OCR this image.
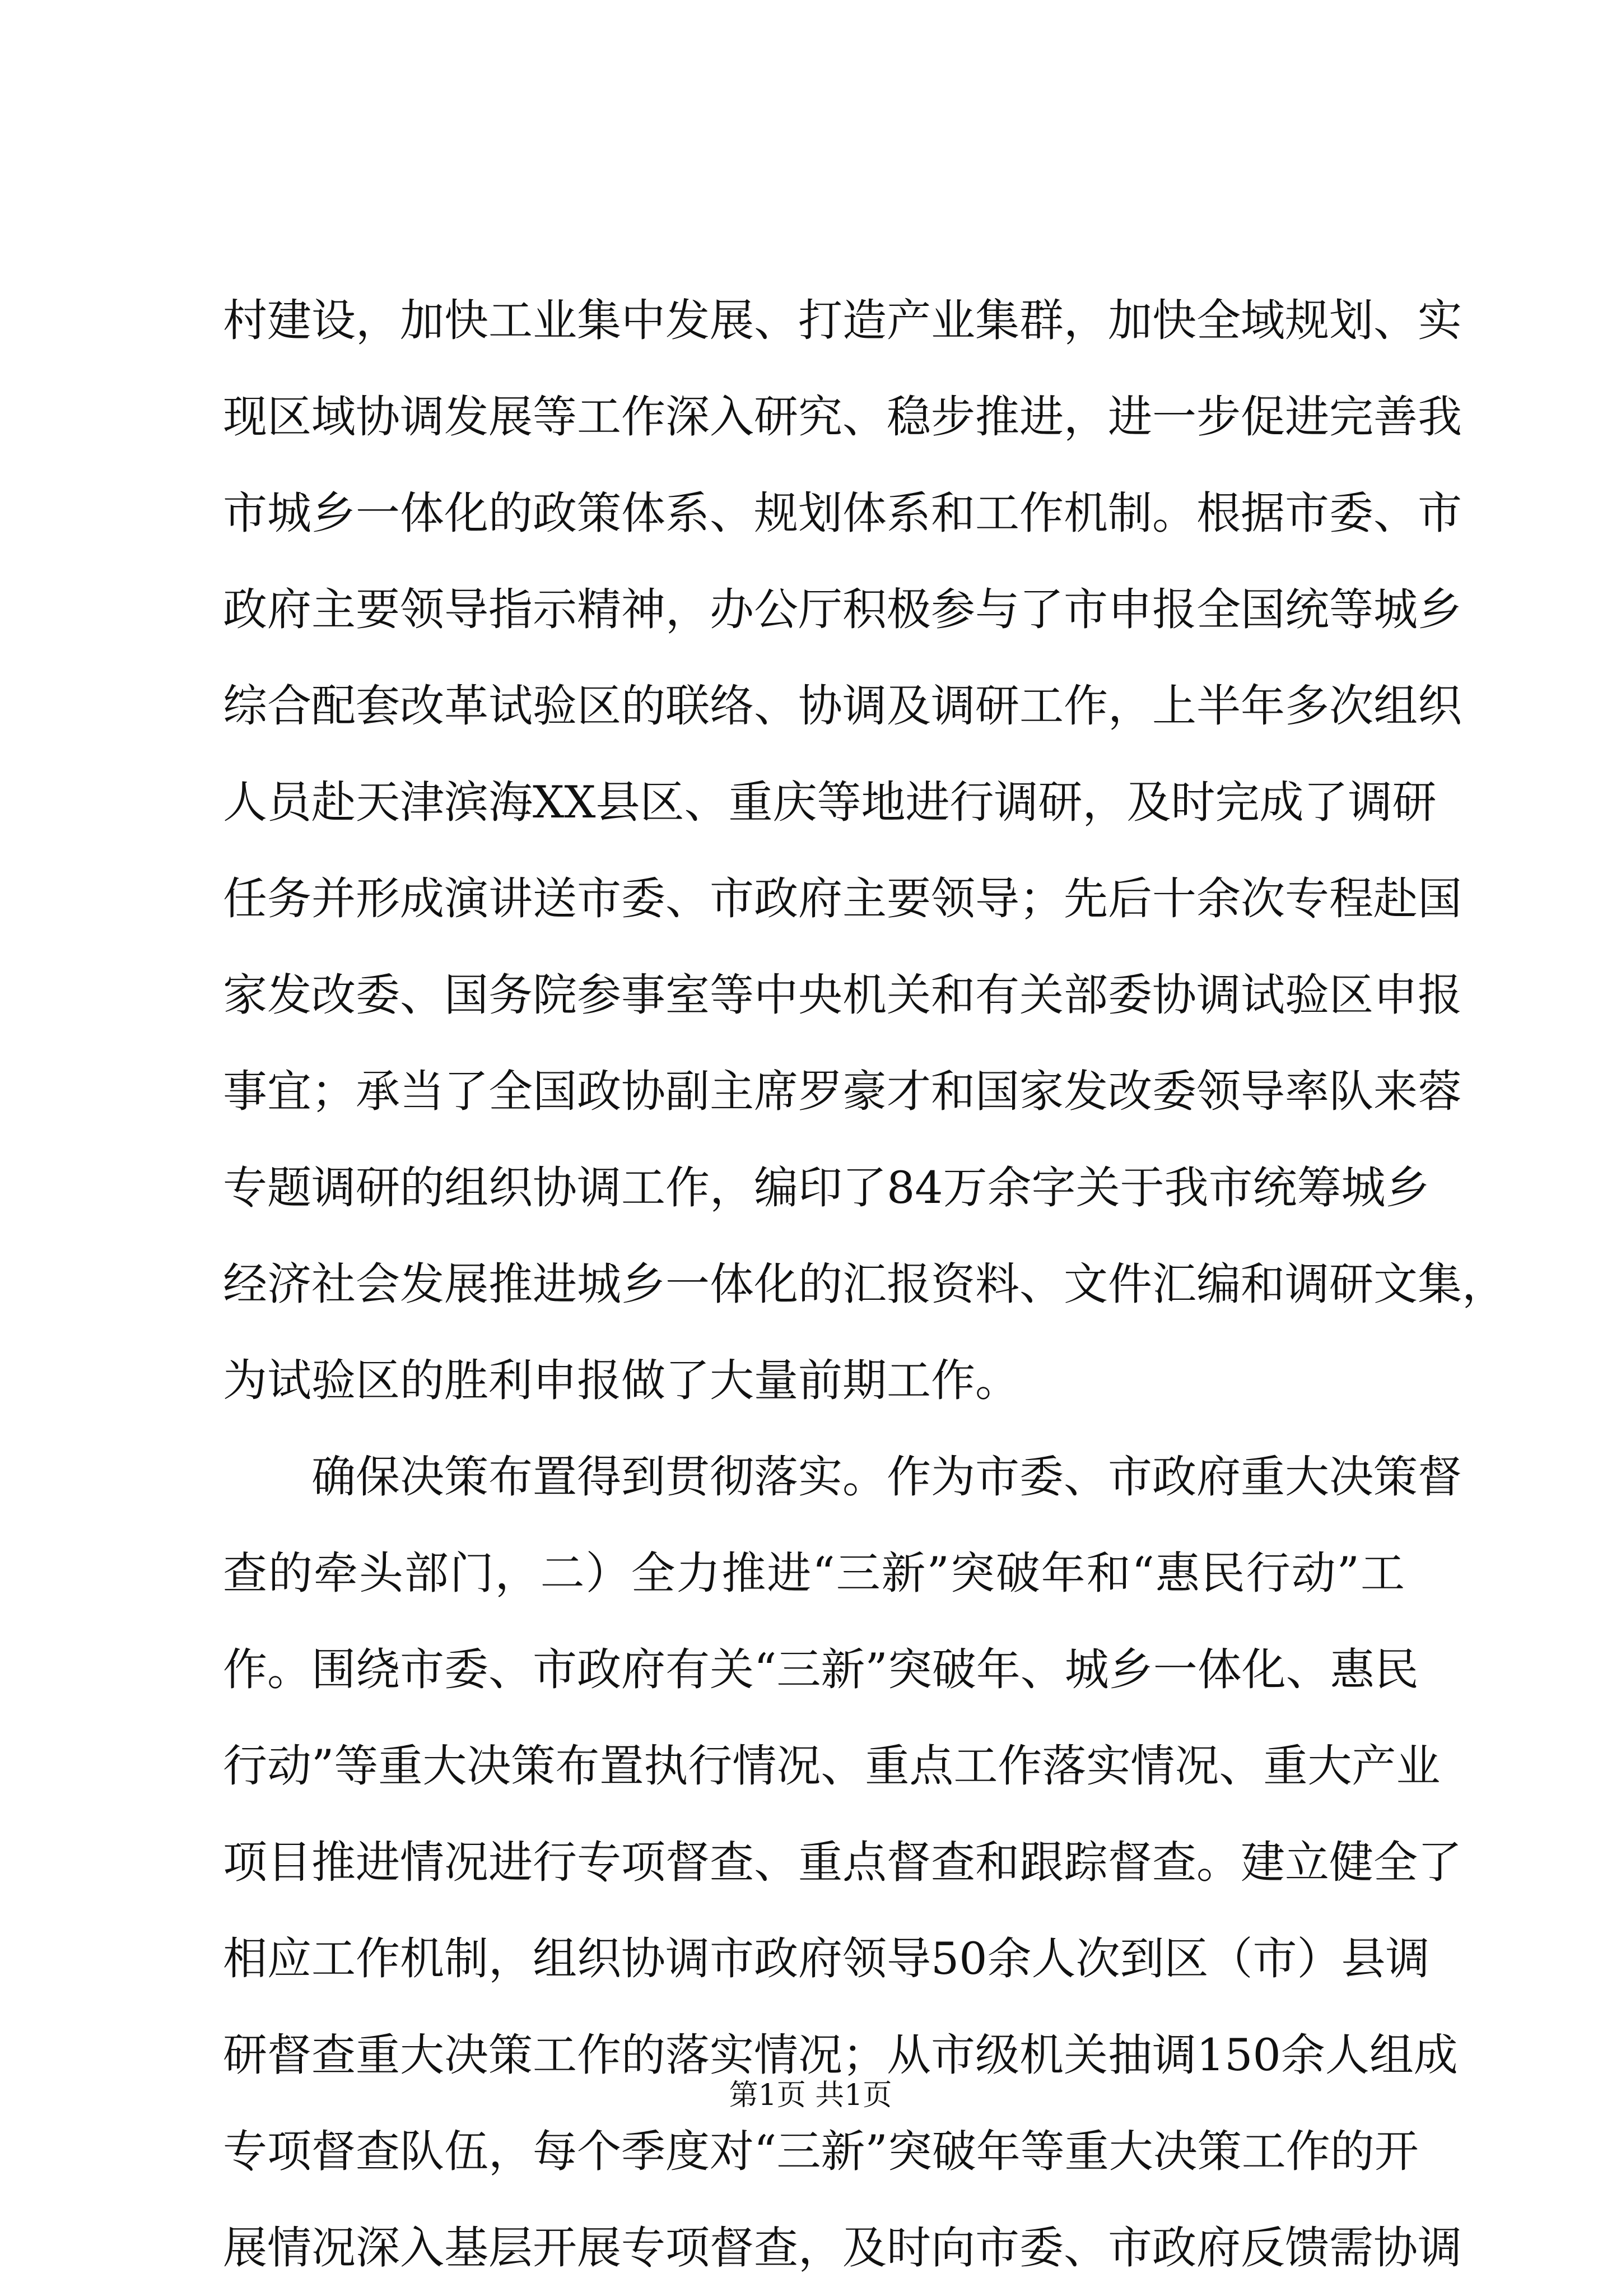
村建设，加快工业集中发展、打造产业集群，加快全域规划、实
现区域协调发展等工作深入研究、稳步推进，进一步促进完善我
市城乡一体化的政策体系、规划体系和工作机制。根据市委、市
政府主要领导指示精神，办公厅积极参与了市申报全国统等城乡
综合配套改革试验区的联络、协调及调研工作，上半年多次组织
人员赴天津滨海XX县区、重庆等地进行调研，及时完成了调研
任务并形成演讲送市委、市政府主要领导；先后十余次专程赴国
家发改委、国务院参事室等中央机关和有关部委协调试验区申报
事宜；承当了全国政协副主席罗豪才和国家发改委领导率队来蓉
专题调研的组织协调工作，编印了84万余字关于我市统筹城乡
经济社会发展推进城乡一体化的汇报资料、文件汇编和调研文集，
为试验区的胜利申报做了大量前期工作。
　　确保决策布置得到贯彻落实。作为市委、市政府重大决策督
查的牵头部门，二）全力推进“三新”突破年和“惠民行动”工
作。围绕市委、市政府有关“三新”突破年、城乡一体化、惠民
行动”等重大决策布置执行情况、重点工作落实情况、重大产业
项目推进情况进行专项督查、重点督查和跟踪督查。建立健全了
相应工作机制，组织协调市政府领导50余人次到区（市）县调
研督查重大决策工作的落实情况；从市级机关抽调150余人组成
专项督查队伍，每个季度对“三新”突破年等重大决策工作的开
展情况深入基层开展专项督查，及时向市委、市政府反馈需协调
第1页 共1页
